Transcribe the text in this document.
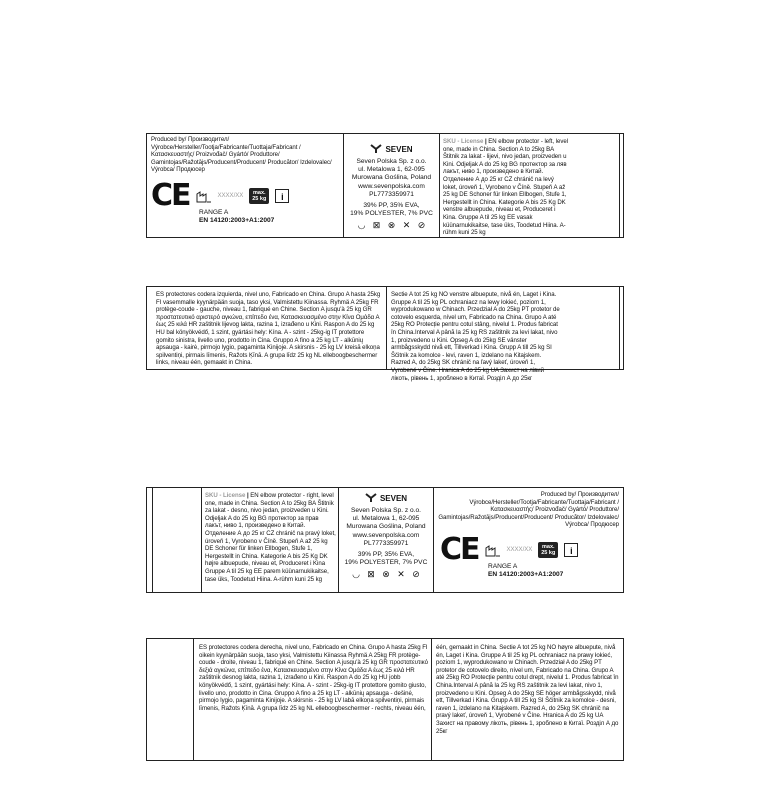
Produced by/ Производител/ Výrobce/Hersteller/Tootja/Fabricante/Tuottaja/Fabricant /Κατασκευαστής/ Proizvođač/ Gyártó/ Produttore/ Gamintojas/Ražotājs/Producent/Producent/ Producător/ Izdelovalec/ Výrobca/ Продюсер

CE	XXXX/XX	max.
25 kg	i

RANGE A

EN 14120:2003+A1:2007

SEVEN

Seven Polska Sp. z o.o.

ul. Metalowa 1, 62-095

Murowana Goślina, Poland

www.sevenpolska.com

PL7773359971

39% PP, 35% EVA,

19% POLYESTER, 7% PVC

◡ ⊠ ⊗ ✕ ⊘

SKU - License | EN elbow protector - left, level one, made in China. Section A to 25kg BA Štitnik za lakat - lijevi, nivo jedan, proizveden u Kini. Odjeljak A do 25 kg BG протектор за ляв лакът, ниво 1, произведено в Китай. Отделение А до 25 кг CZ chránič na levý loket, úroveň 1, Vyrobeno v Číně. Stupeň A až 25 kg DE Schoner für linken Ellbogen, Stufe 1, Hergestellt in China. Kategorie A bis 25 Kg DK venstre albuepude, niveau et, Produceret i Kina. Gruppe A til 25 kg EE vasak küünarnukikaitse, tase üks, Toodetud Hiina. A-rühm kuni 25 kg

ES protectores codera izquierda, nivel uno, Fabricado en China. Grupo A hasta 25kg FI vasemmalle kyynärpään suoja, taso yksi, Valmistettu Kiinassa. Ryhmä A 25kg FR protège-coude - gauche, niveau 1, fabriqué en Chine. Section A jusqu'à 25 kg GR προστατευτικό αριστερό αγκώνα, επίπεδο ένα, Κατασκευασμένο στην Κίνα Ομάδα Α έως 25 κιλά HR zaštitnik lijevog lakta, razina 1, izrađeno u Kini. Raspon A do 25 kg HU bal könyökvédő, 1 szint, gyártási hely: Kína. A - szint - 25kg-ig IT protettore gomito sinistra, livello uno, prodotto in Cina. Gruppo A fino a 25 kg LT - alkūnių apsauga - kairė, pirmojo lygio, pagaminta Kinijoje. A skirsnis - 25 kg LV kreisā elkoņa spilventiņi, pirmais līmenis, Ražots Ķīnā. A grupa līdz 25 kg NL elleboogbeschermer links, niveau één, gemaakt in China.

Sectie A tot 25 kg NO venstre albuepute, nivå én, Laget i Kina. Gruppe A til 25 kg PL ochraniacz na lewy łokieć, poziom 1, wyprodukowano w Chinach. Przedział A do 25kg PT protetor de cotovelo esquerda, nível um, Fabricado na China. Grupo A até 25kg RO Protecție pentru cotul stâng, nivelul 1. Produs fabricat în China.Interval A până la 25 kg RS zaštitnik za levi lakat, nivo 1, proizvedeno u Kini. Opseg A do 25kg SE vänster armbågsskydd nivå ett, Tillverkad i Kina. Grupp A till 25 kg SI Ščitnik za komolce - levi, raven 1, izdelano na Kitajskem. Razred A, do 25kg SK chránič na ľavý lakeť, úroveň 1, Vyrobené v Číne. Hranica A do 25 kg UA Захист на лівий лікоть, рівень 1, зроблено в Китаї. Розділ А до 25кг

SKU - License | EN elbow protector - right, level one, made in China. Section A to 25kg BA Štitnik za lakat - desno, nivo jedan, proizveden u Kini. Odjeljak A do 25 kg BG протектор за прав лакът, ниво 1, произведено в Китай. Отделение А до 25 кг CZ chránič na pravý loket, úroveň 1, Vyrobeno v Číně. Stupeň A až 25 kg DE Schoner für linken Ellbogen, Stufe 1, Hergestellt in China. Kategorie A bis 25 Kg DK højre albuepude, niveau et, Produceret i Kina Gruppe A til 25 kg EE parem küünarnukikaitse, tase üks, Toodetud Hiina. A-rühm kuni 25 kg

SEVEN

Seven Polska Sp. z o.o.

ul. Metalowa 1, 62-095

Murowana Goślina, Poland

www.sevenpolska.com

PL7773359971

39% PP, 35% EVA,

19% POLYESTER, 7% PVC

◡ ⊠ ⊗ ✕ ⊘

Produced by/ Производител/ Výrobce/Hersteller/Tootja/Fabricante/Tuottaja/Fabricant /Κατασκευαστής/ Proizvođač/ Gyártó/ Produttore/ Gamintojas/Ražotājs/Producent/Producent/ Producător/ Izdelovalec/ Výrobca/ Продюсер

CE	XXXX/XX	max.
25 kg	i

RANGE A

EN 14120:2003+A1:2007

ES protectores codera derecha, nivel uno, Fabricado en China. Grupo A hasta 25kg FI oikein kyynärpään suoja, taso yksi, Valmistettu Kiinassa Ryhmä A 25kg FR protège-coude - droite, niveau 1, fabriqué en Chine. Section A jusqu'à 25 kg GR προστατευτικό δεξιά αγκώνα, επίπεδο ένα, Κατασκευασμένο στην Κίνα Ομάδα Α έως 25 κιλά HR zaštitnik desnog lakta, razina 1, izrađeno u Kini. Raspon A do 25 kg HU jobb könyökvédő, 1 szint, gyártási hely: Kína. A - szint - 25kg-ig IT protettore gomito giusto, livello uno, prodotto in Cina. Gruppo A fino a 25 kg LT - alkūnių apsauga - dešinė, pirmojo lygio, pagaminta Kinijoje. A skirsnis - 25 kg LV labā elkoņa spilventiņi, pirmais līmenis, Ražots Ķīnā. A grupa līdz 25 kg NL elleboogbeschermer - rechts, niveau één,

één, gemaakt in China. Sectie A tot 25 kg NO høyre albuepute, nivå én, Laget i Kina. Gruppe A til 25 kg PL ochraniacz na prawy łokieć, poziom 1, wyprodukowano w Chinach. Przedział A do 25kg PT protetor de cotovelo direito, nível um, Fabricado na China. Grupo A até 25kg RO Protecție pentru cotul drept, nivelul 1. Produs fabricat în China.Interval A până la 25 kg RS zaštitnik za levi lakat, nivo 1, proizvedeno u Kini. Opseg A do 25kg SE höger armbågsskydd, nivå ett, Tillverkad i Kina. Grupp A till 25 kg SI Ščitnik za komolce - desni, raven 1, izdelano na Kitajskem. Razred A, do 25kg SK chránič na pravý lakeť, úroveň 1, Vyrobené v Číne. Hranica A do 25 kg UA Захист на правому лікоть, рівень 1, зроблено в Китаї. Розділ А до 25кг
